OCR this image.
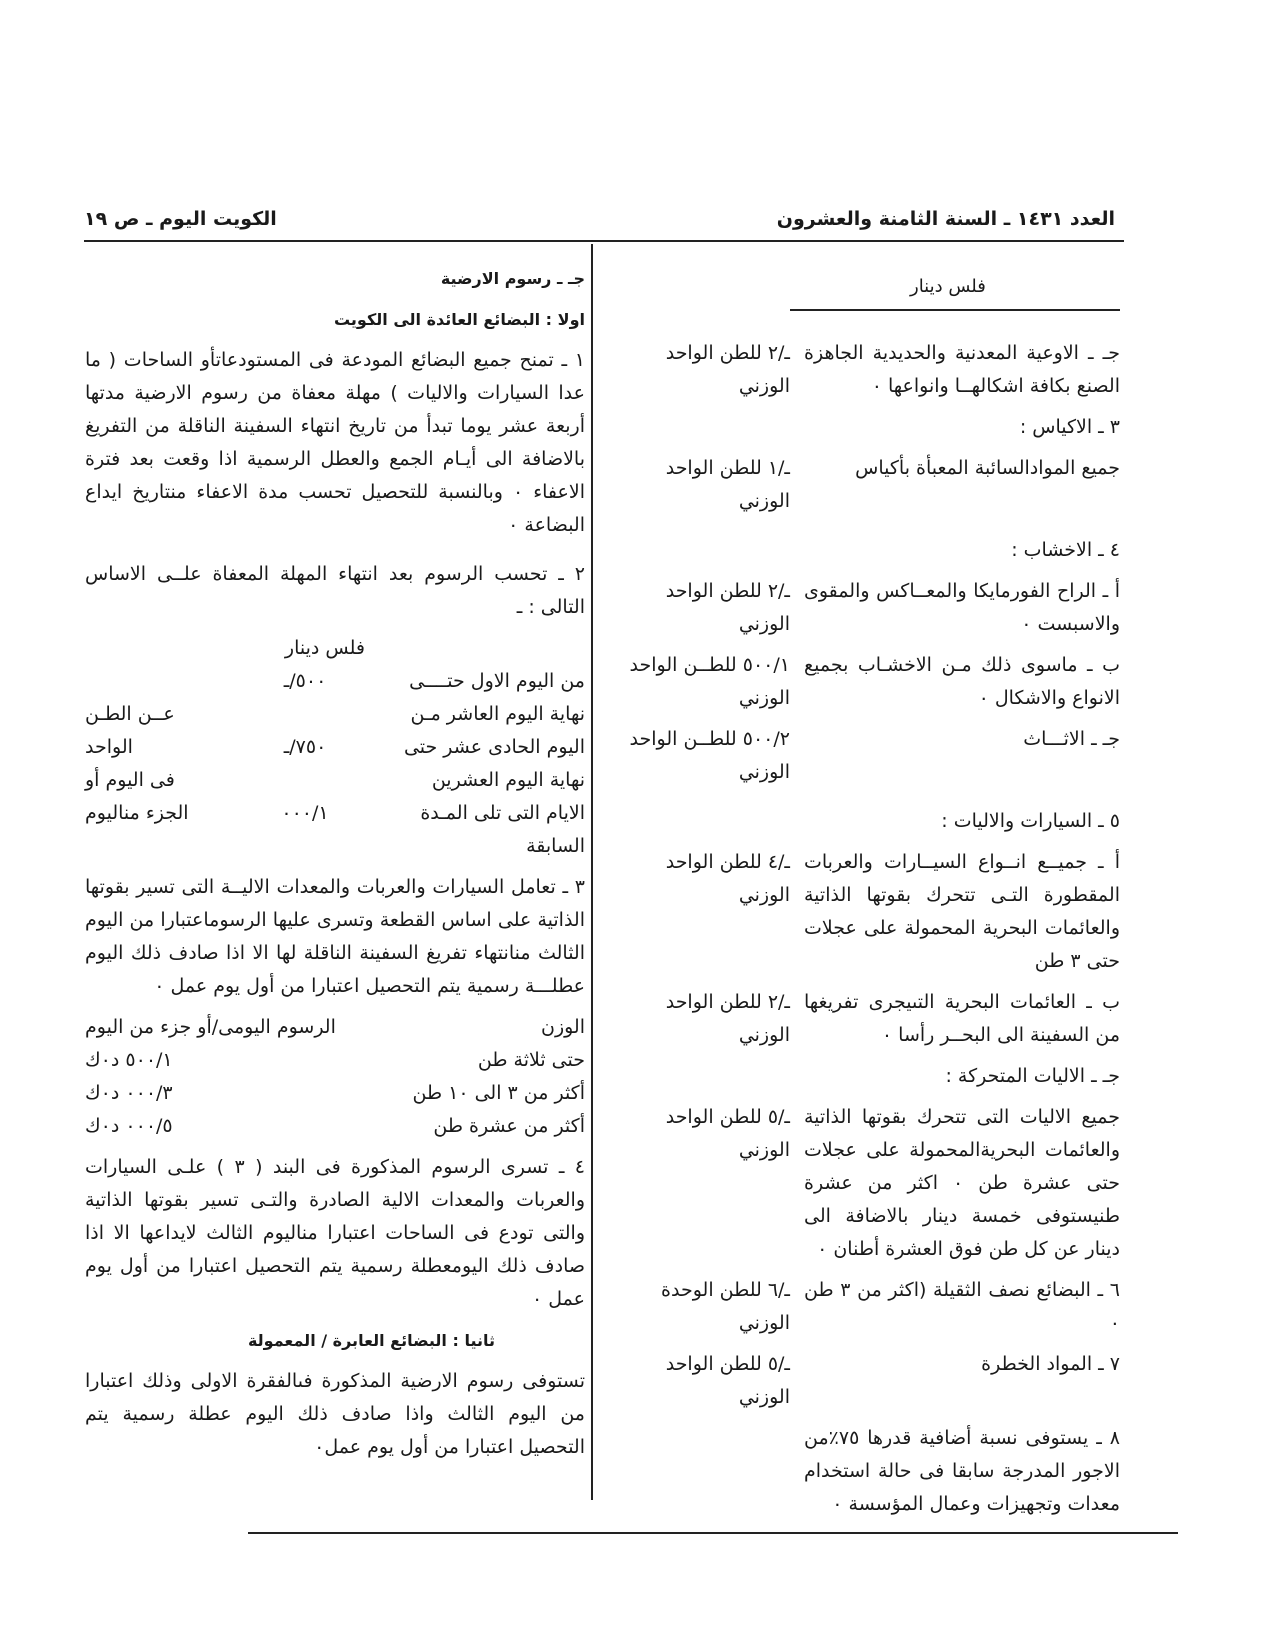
العدد ١٤٣١ ـ السنة الثامنة والعشرون
الكويت اليوم ـ ص ١٩
فلس دينار
جـ ـ الاوعية المعدنية والحديدية الجاهزة الصنع بكافة اشكالهــا وانواعها ٠
ـ/٢ للطن الواحد الوزني
٣ ـ الاكياس :
جميع الموادالسائبة المعبأة بأكياس
ـ/١ للطن الواحد الوزني
٤ ـ الاخشاب :
أ ـ الراح الفورمايكا والمعــاكس والمقوى والاسبست ٠
ـ/٢ للطن الواحد الوزني
ب ـ ماسوى ذلك مـن الاخشـاب بجميع الانواع والاشكال ٠
٥٠٠/١ للطــن الواحد الوزني
جـ ـ الاثـــاث
٥٠٠/٢ للطــن الواحد الوزني
٥ ـ السيارات والاليات :
أ ـ جميــع انــواع السيــارات والعربات المقطورة التـى تتحرك بقوتها الذاتية والعائمات البحرية المحمولة على عجلات حتى ٣ طن
ـ/٤ للطن الواحد الوزني
ب ـ العائمات البحرية التىيجرى تفريغها من السفينة الى البحــر رأسا ٠
ـ/٢ للطن الواحد الوزني
جـ ـ الاليات المتحركة :
جميع الاليات التى تتحرك بقوتها الذاتية والعائمات البحريةالمحمولة على عجلات حتى عشرة طن ٠ اكثر من عشرة طنيستوفى خمسة دينار بالاضافة الى دينار عن كل طن فوق العشرة أطنان ٠
ـ/٥ للطن الواحد الوزني
٦ ـ البضائع نصف الثقيلة (اكثر من ٣ طن ٠
ـ/٦ للطن الوحدة الوزني
٧ ـ المواد الخطرة
ـ/٥ للطن الواحد الوزني
٨ ـ يستوفى نسبة أضافية قدرها ٧٥٪من الاجور المدرجة سابقا فى حالة استخدام معدات وتجهيزات وعمال المؤسسة ٠
جـ ـ رسوم الارضية
اولا : البضائع العائدة الى الكويت
١ ـ تمنح جميع البضائع المودعة فى المستودعاتأو الساحات ( ما عدا السيارات والاليات ) مهلة معفاة من رسوم الارضية مدتها أربعة عشر يوما تبدأ من تاريخ انتهاء السفينة الناقلة من التفريغ بالاضافة الى أيـام الجمع والعطل الرسمية اذا وقعت بعد فترة الاعفاء ٠ وبالنسبة للتحصيل تحسب مدة الاعفاء منتاريخ ايداع البضاعة ٠
٢ ـ تحسب الرسوم بعد انتهاء المهلة المعفاة علــى الاساس التالى : ـ
فلس دينار
من اليوم الاول حتــــى
٥٠٠/ـ
نهاية اليوم العاشر مـن
عــن الطـن
اليوم الحادى عشر حتى
٧٥٠/ـ
الواحد
نهاية اليوم العشرين
فى اليوم أو
الايام التى تلى المـدة
٠٠٠/١
الجزء مناليوم
السابقة
٣ ـ تعامل السيارات والعربات والمعدات الاليــة التى تسير بقوتها الذاتية على اساس القطعة وتسرى عليها الرسوماعتبارا من اليوم الثالث منانتهاء تفريغ السفينة الناقلة لها الا اذا صادف ذلك اليوم عطلـــة رسمية يتم التحصيل اعتبارا من أول يوم عمل ٠
الوزن
الرسوم اليومى/أو جزء من اليوم
حتى ثلاثة طن
٥٠٠/١ د٠ك
أكثر من ٣ الى ١٠ طن
٠٠٠/٣ د٠ك
أكثر من عشرة طن
٠٠٠/٥ د٠ك
٤ ـ تسرى الرسوم المذكورة فى البند ( ٣ ) علـى السيارات والعربات والمعدات الالية الصادرة والتـى تسير بقوتها الذاتية والتى تودع فى الساحات اعتبارا مناليوم الثالث لايداعها الا اذا صادف ذلك اليومعطلة رسمية يتم التحصيل اعتبارا من أول يوم عمل ٠
ثانيا : البضائع العابرة / المعمولة
تستوفى رسوم الارضية المذكورة فىالفقرة الاولى وذلك اعتبارا من اليوم الثالث واذا صادف ذلك اليوم عطلة رسمية يتم التحصيل اعتبارا من أول يوم عمل٠
